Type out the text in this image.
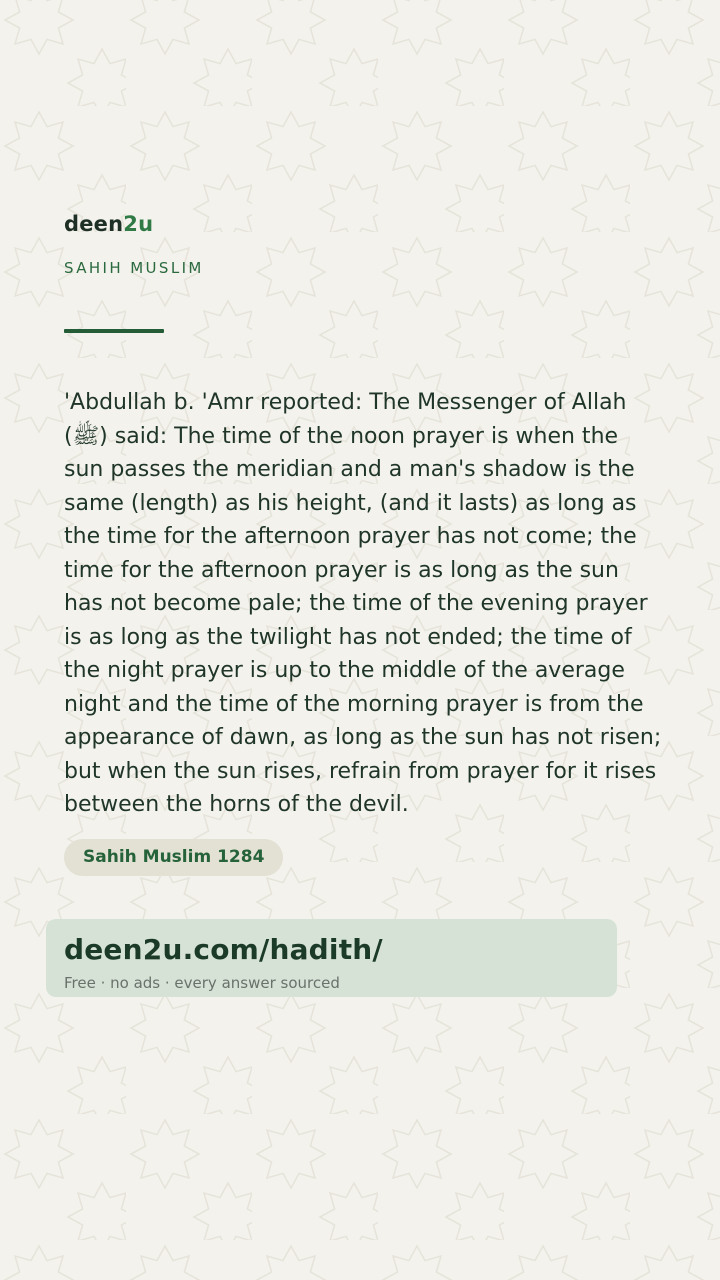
deen2u
SAHIH MUSLIM

'Abdullah b. 'Amr reported: The Messenger of Allah (ﷺ) said: The time of the noon prayer is when the sun passes the meridian and a man's shadow is the same (length) as his height, (and it lasts) as long as the time for the afternoon prayer has not come; the time for the afternoon prayer is as long as the sun has not become pale; the time of the evening prayer is as long as the twilight has not ended; the time of the night prayer is up to the middle of the average night and the time of the morning prayer is from the appearance of dawn, as long as the sun has not risen; but when the sun rises, refrain from prayer for it rises between the horns of the devil.

Sahih Muslim 1284
deen2u.com/hadith/
Free · no ads · every answer sourced
